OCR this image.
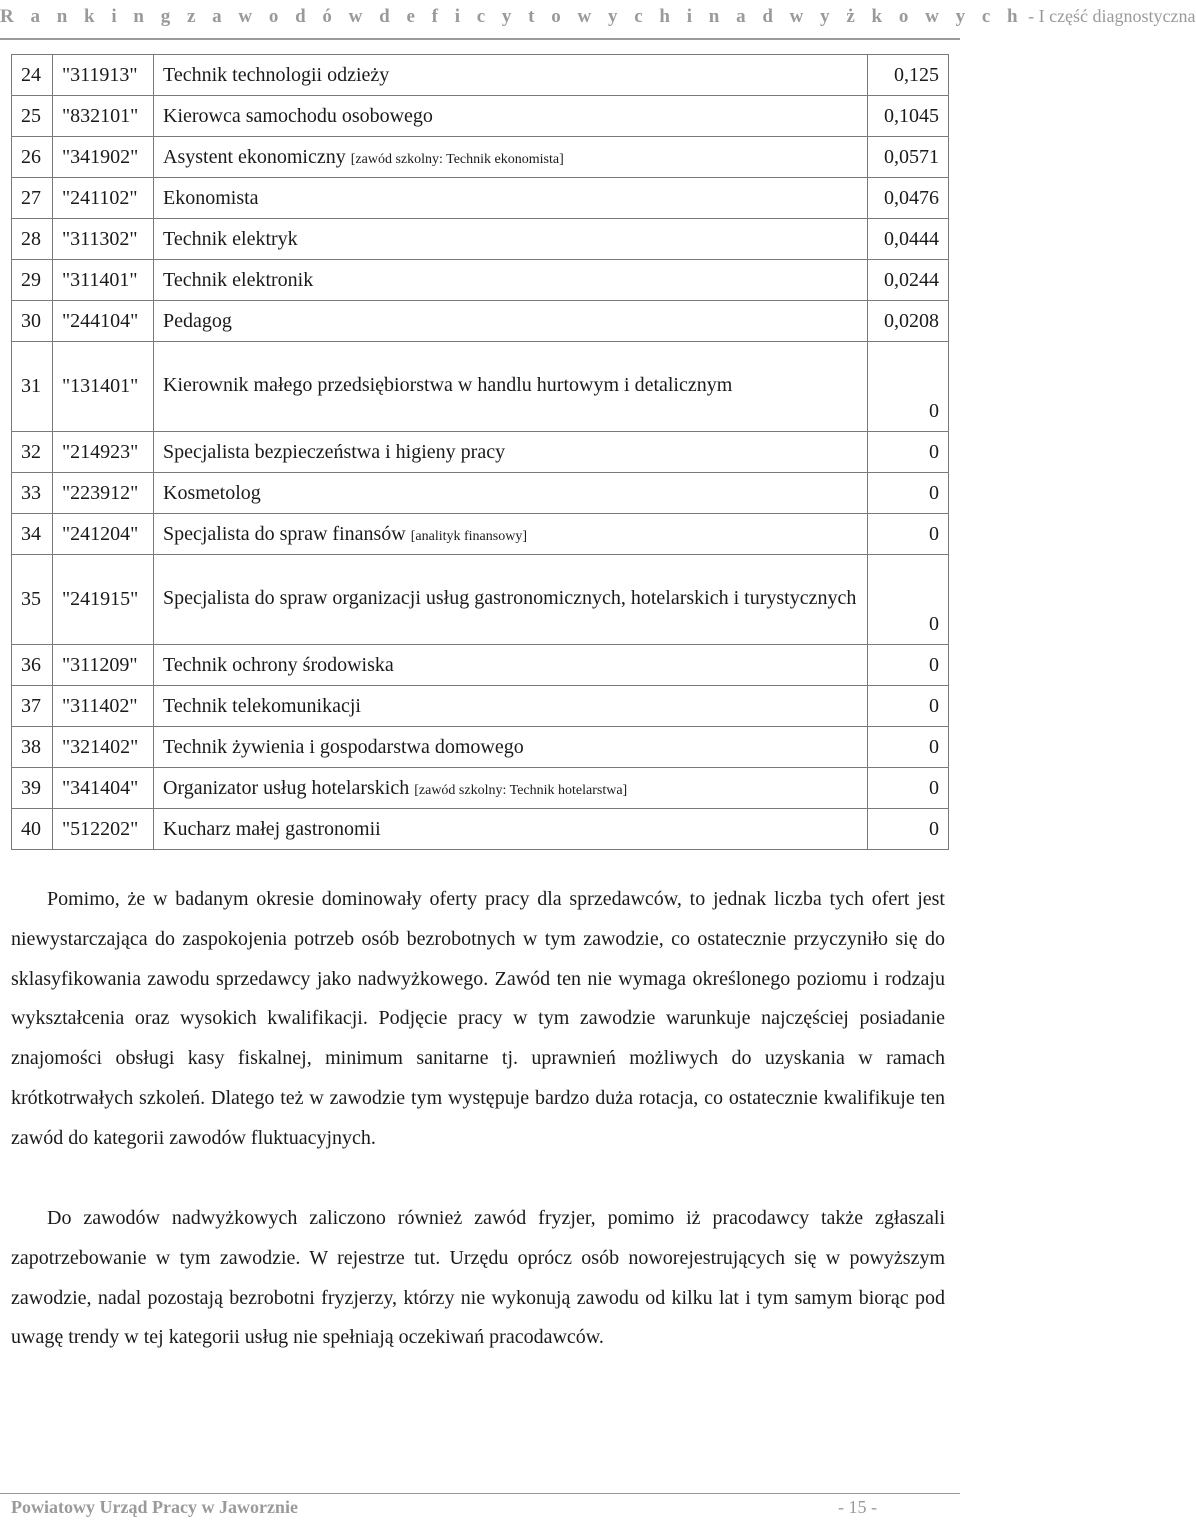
R a n k i n g z a w o d ó w d e f i c y t o w y c h i n a d w y ż k o w y c h - I część diagnostyczna
24	"311913"	Technik technologii odzieży	0,125
25	"832101"	Kierowca samochodu osobowego	0,1045
26	"341902"	Asystent ekonomiczny [zawód szkolny: Technik ekonomista]	0,0571
27	"241102"	Ekonomista	0,0476
28	"311302"	Technik elektryk	0,0444
29	"311401"	Technik elektronik	0,0244
30	"244104"	Pedagog	0,0208
31	"131401"	Kierownik małego przedsiębiorstwa w handlu hurtowym i detalicznym	0
32	"214923"	Specjalista bezpieczeństwa i higieny pracy	0
33	"223912"	Kosmetolog	0
34	"241204"	Specjalista do spraw finansów [analityk finansowy]	0
35	"241915"	Specjalista do spraw organizacji usług gastronomicznych, hotelarskich i turystycznych	0
36	"311209"	Technik ochrony środowiska	0
37	"311402"	Technik telekomunikacji	0
38	"321402"	Technik żywienia i gospodarstwa domowego	0
39	"341404"	Organizator usług hotelarskich [zawód szkolny: Technik hotelarstwa]	0
40	"512202"	Kucharz małej gastronomii	0

Pomimo, że w badanym okresie dominowały oferty pracy dla sprzedawców, to jednak liczba tych ofert jest niewystarczająca do zaspokojenia potrzeb osób bezrobotnych w tym zawodzie, co ostatecznie przyczyniło się do sklasyfikowania zawodu sprzedawcy jako nadwyżkowego. Zawód ten nie wymaga określonego poziomu i rodzaju wykształcenia oraz wysokich kwalifikacji. Podjęcie pracy w tym zawodzie warunkuje najczęściej posiadanie znajomości obsługi kasy fiskalnej, minimum sanitarne tj. uprawnień możliwych do uzyskania w ramach krótkotrwałych szkoleń. Dlatego też w zawodzie tym występuje bardzo duża rotacja, co ostatecznie kwalifikuje ten zawód do kategorii zawodów fluktuacyjnych.

Do zawodów nadwyżkowych zaliczono również zawód fryzjer, pomimo iż pracodawcy także zgłaszali zapotrzebowanie w tym zawodzie. W rejestrze tut. Urzędu oprócz osób noworejestrujących się w powyższym zawodzie, nadal pozostają bezrobotni fryzjerzy, którzy nie wykonują zawodu od kilku lat i tym samym biorąc pod uwagę trendy w tej kategorii usług nie spełniają oczekiwań pracodawców.

Powiatowy Urząd Pracy w Jaworznie	- 15 -
